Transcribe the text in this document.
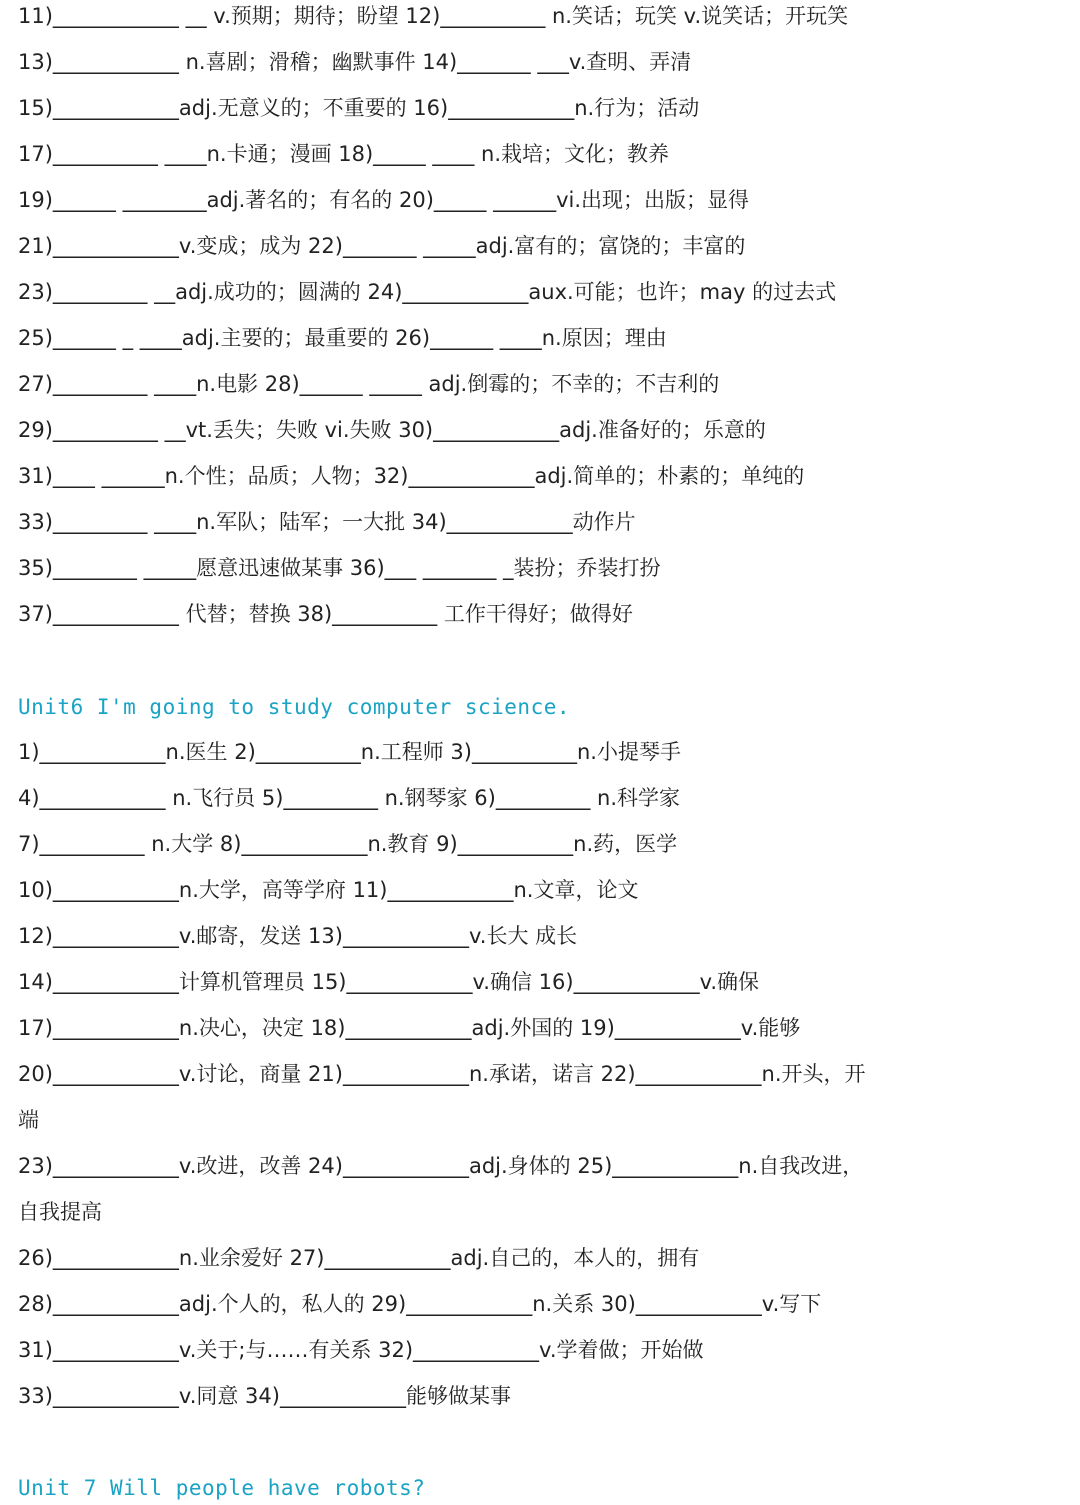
11)____________ __ v.预期；期待；盼望 12)__________ n.笑话；玩笑 v.说笑话；开玩笑
13)____________ n.喜剧；滑稽；幽默事件 14)_______ ___v.查明、弄清
15)____________adj.无意义的；不重要的 16)____________n.行为；活动
17)__________ ____n.卡通；漫画 18)_____ ____ n.栽培；文化；教养
19)______ ________adj.著名的；有名的 20)_____ ______vi.出现；出版；显得
21)____________v.变成；成为 22)_______ _____adj.富有的；富饶的；丰富的
23)_________ __adj.成功的；圆满的 24)____________aux.可能；也许；may 的过去式
25)______ _ ____adj.主要的；最重要的 26)______ ____n.原因；理由
27)_________ ____n.电影 28)______ _____ adj.倒霉的；不幸的；不吉利的
29)__________ __vt.丢失；失败 vi.失败 30)____________adj.准备好的；乐意的
31)____ ______n.个性；品质；人物；32)____________adj.简单的；朴素的；单纯的
33)_________ ____n.军队；陆军；一大批 34)____________动作片
35)________ _____愿意迅速做某事 36)___ _______ _装扮；乔装打扮
37)____________ 代替；替换 38)__________ 工作干得好；做得好
Unit6 I'm going to study computer science.
1)____________n.医生 2)__________n.工程师 3)__________n.小提琴手
4)____________ n.飞行员 5)_________ n.钢琴家 6)_________ n.科学家
7)__________ n.大学 8)____________n.教育 9)___________n.药，医学
10)____________n.大学，高等学府 11)____________n.文章，论文
12)____________v.邮寄，发送 13)____________v.长大 成长
14)____________计算机管理员 15)____________v.确信 16)____________v.确保
17)____________n.决心，决定 18)____________adj.外国的 19)____________v.能够
20)____________v.讨论，商量 21)____________n.承诺，诺言 22)____________n.开头，开
端
23)____________v.改进，改善 24)____________adj.身体的 25)____________n.自我改进，
自我提高
26)____________n.业余爱好 27)____________adj.自己的，本人的，拥有
28)____________adj.个人的，私人的 29)____________n.关系 30)____________v.写下
31)____________v.关于;与……有关系 32)____________v.学着做；开始做
33)____________v.同意 34)____________能够做某事
Unit 7 Will people have robots?
